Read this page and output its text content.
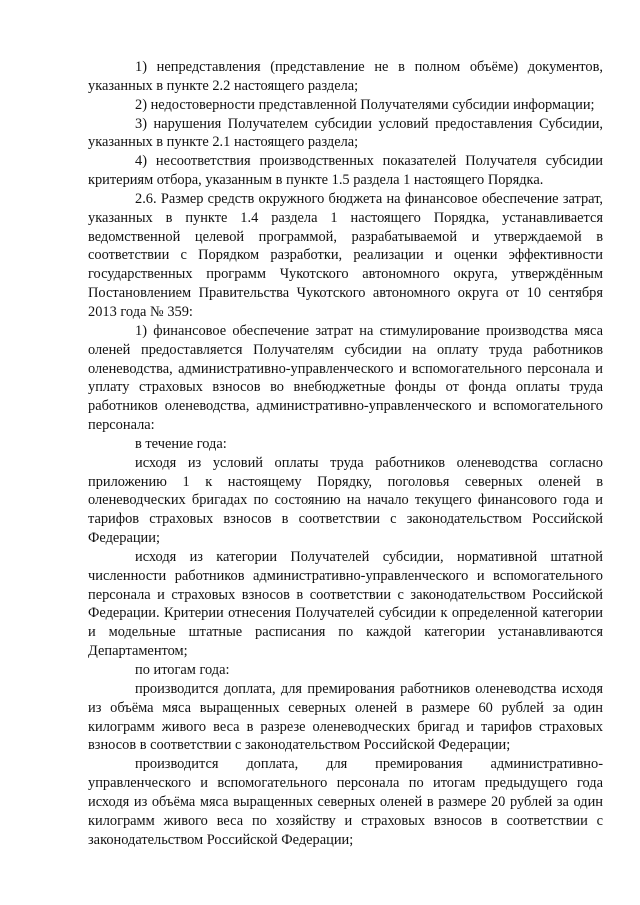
1) непредставления (представление не в полном объёме) документов, указанных в пункте 2.2 настоящего раздела;

2) недостоверности представленной Получателями субсидии информации;

3) нарушения Получателем субсидии условий предоставления Субсидии, указанных в пункте 2.1 настоящего раздела;

4) несоответствия производственных показателей Получателя субсидии критериям отбора, указанным в пункте 1.5 раздела 1 настоящего Порядка.

2.6. Размер средств окружного бюджета на финансовое обеспечение затрат, указанных в пункте 1.4 раздела 1 настоящего Порядка, устанавливается ведомственной целевой программой, разрабатываемой и утверждаемой в соответствии с Порядком разработки, реализации и оценки эффективности государственных программ Чукотского автономного округа, утверждённым Постановлением Правительства Чукотского автономного округа от 10 сентября 2013 года № 359:

1) финансовое обеспечение затрат на стимулирование производства мяса оленей предоставляется Получателям субсидии на оплату труда работников оленеводства, административно-управленческого и вспомогательного персонала и уплату страховых взносов во внебюджетные фонды от фонда оплаты труда работников оленеводства, административно-управленческого и вспомогательного персонала:

в течение года:

исходя из условий оплаты труда работников оленеводства согласно приложению 1 к настоящему Порядку, поголовья северных оленей в оленеводческих бригадах по состоянию на начало текущего финансового года и тарифов страховых взносов в соответствии с законодательством Российской Федерации;

исходя из категории Получателей субсидии, нормативной штатной численности работников административно-управленческого и вспомогательного персонала и страховых взносов в соответствии с законодательством Российской Федерации. Критерии отнесения Получателей субсидии к определенной категории и модельные штатные расписания по каждой категории устанавливаются Департаментом;

по итогам года:

производится доплата, для премирования работников оленеводства исходя из объёма мяса выращенных северных оленей в размере 60 рублей за один килограмм живого веса в разрезе оленеводческих бригад и тарифов страховых взносов в соответствии с законодательством Российской Федерации;

производится доплата, для премирования административно-управленческого и вспомогательного персонала по итогам предыдущего года исходя из объёма мяса выращенных северных оленей в размере 20 рублей за один килограмм живого веса по хозяйству и страховых взносов в соответствии с законодательством Российской Федерации;
